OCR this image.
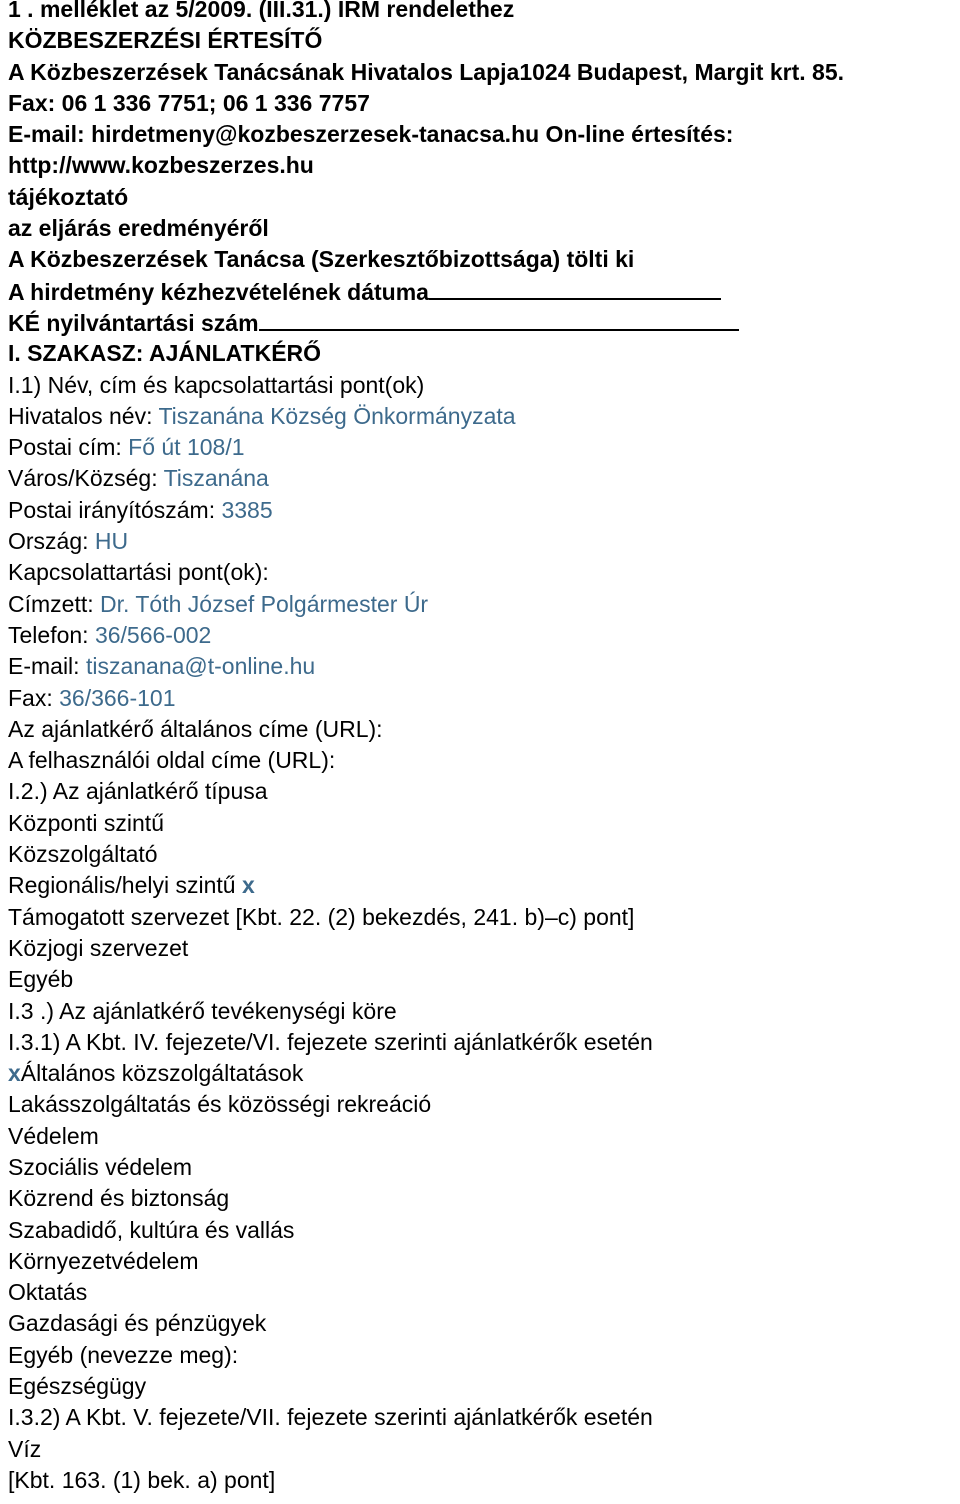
1 . melléklet az 5/2009. (III.31.) IRM rendelethez
KÖZBESZERZÉSI ÉRTESÍTŐ
A Közbeszerzések Tanácsának Hivatalos Lapja1024 Budapest, Margit krt. 85.
Fax: 06 1 336 7751; 06 1 336 7757
E-mail: hirdetmeny@kozbeszerzesek-tanacsa.hu On-line értesítés:
http://www.kozbeszerzes.hu
tájékoztató
az eljárás eredményéről
A Közbeszerzések Tanácsa (Szerkesztőbizottsága) tölti ki
A hirdetmény kézhezvételének dátuma
KÉ nyilvántartási szám
I. SZAKASZ: AJÁNLATKÉRŐ
I.1) Név, cím és kapcsolattartási pont(ok)
Hivatalos név: Tiszanána Község Önkormányzata
Postai cím: Fő út 108/1
Város/Község: Tiszanána
Postai irányítószám: 3385
Ország: HU
Kapcsolattartási pont(ok):
Címzett: Dr. Tóth József Polgármester Úr
Telefon: 36/566-002
E-mail: tiszanana@t-online.hu
Fax: 36/366-101
Az ajánlatkérő általános címe (URL):
A felhasználói oldal címe (URL):
I.2.) Az ajánlatkérő típusa
Központi szintű
Közszolgáltató
Regionális/helyi szintű x
Támogatott szervezet [Kbt. 22. (2) bekezdés, 241. b)–c) pont]
Közjogi szervezet
Egyéb
I.3 .) Az ajánlatkérő tevékenységi köre
I.3.1) A Kbt. IV. fejezete/VI. fejezete szerinti ajánlatkérők esetén
xÁltalános közszolgáltatások
Lakásszolgáltatás és közösségi rekreáció
Védelem
Szociális védelem
Közrend és biztonság
Szabadidő, kultúra és vallás
Környezetvédelem
Oktatás
Gazdasági és pénzügyek
Egyéb (nevezze meg):
Egészségügy
I.3.2) A Kbt. V. fejezete/VII. fejezete szerinti ajánlatkérők esetén
Víz
[Kbt. 163. (1) bek. a) pont]
